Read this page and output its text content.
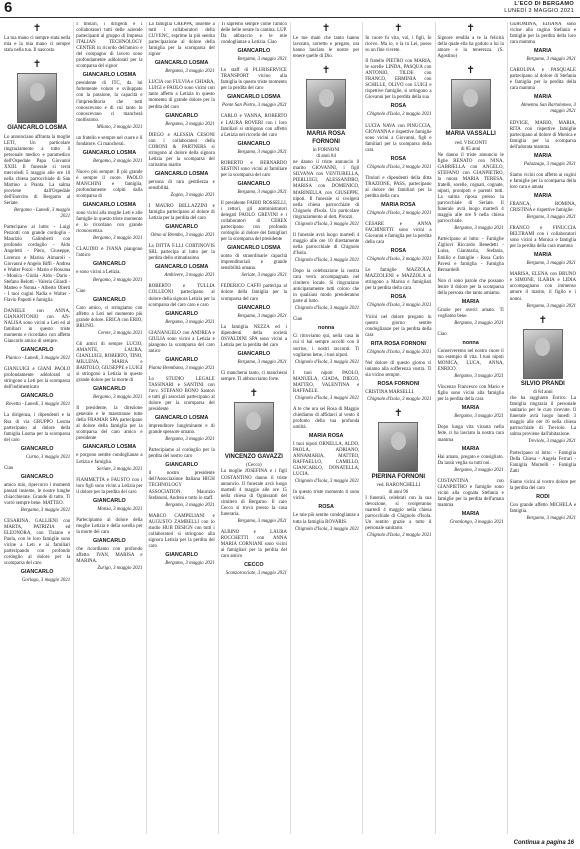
6	L'ECO DI BERGAMO
LUNEDÌ 3 MAGGIO 2021
✝

La tua mano ci sempre stata nella mia e la mia mano ci sempre stata nella tua. Il nascosto

✝
GIANCARLO LOSMA

Lo annunciano affranta la moglie LETI, Un particolare ringraziamento a tutto il personale medico e paramedico dell'Ospedale Papa Giovanni XXIII. Il funerale si terrà mercoledì 5 maggio alle ore 10 nella chiesa parrocchiale di San Martino a Pianta. La salma proviene dall'Ospedale dell'Esercito di Bergamo al Seriate.

Bergamo - Lunedì, 3 maggio 2021

Partecipano al lutto: - Luigi Pezzotti con grande cordoglio - Maurizio Galimberti con profondo cordoglio - Aldo Angeletti - Piero, Giuseppe, Lorenzo e Marisa Aimaroli - Giovanni e Angelo Biffi - Andrea e Walter Pozzi - Mario e Rossana - Monica - Giulia - Aldo - Dario - Stefano Belotti - Valeria Gilardi - Matteo e Nonna - Alberto Oberti - I tuoi cugini Nadia e Walter - Flavio Papotti e famiglia

DANIELE con ANNA, GIANANTONIO con AN-NALISA sono vicini a Leti ed ai familiari in questo triste momento e ricordano con affetto Giancarlo amico di sempre.

GIANCARLO
Pianico - Lunedì, 3 maggio 2021

GIANLUIGI e GIANI PAOLO profondamente addolorati si stringono a Leti per la scomparsa dell'indimenticato

GIANCARLO
Rovetta - Lunedì, 3 maggio 2021

La dirigenza, i dipendenti e la Rsa di via GRUPPO Losma partecipano al dolore della famiglia Losma per la scomparsa del caro

GIANCARLO
Curno, 3 maggio 2021

Ciao

GIANCARLO

amico mio, ripercorro i momenti passati insieme, le nostre lunghe chiacchierate. Grande di tutto. Ti vorrò sempre bene. MATTEO.

Bergamo, 3 maggio 2021

CESARINA, GALLIENI con MARTA, PATRIZIA ed ELEONORA, con Tiziano e Paola, con le loro famiglie sono vicine a Leti e ai familiari partecipando con profondo cordoglio al dolore per la scomparsa del caro

GIANCARLO
Gorlago, 3 maggio 2021

I titolari, i dirigenti e i collaboratori tutti delle aziende partecipanti al gruppo di Impresa ITALIAN TECHNOLOGY CENTER in ricordo dell'amico e del compagno di lavoro sono profondamente addolorati per la scomparsa del signor

GIANCARLO LOSMA

presidente di ITC, da lui fortemente voluto e sviluppato con la passione, la capacità e l'imprenditoria che tutti conoscevano e di cui tanto lo conoscevano ci mancherà moltissimo.

Milano, 3 maggio 2021

un fratello e sempre nel cuore e il fondatore. Ci mancherai.

GIANCARLO LOSMA
Bergamo, 3 maggio 2021

Nuovo più sempre: Il più grande è sempre il cuore. PAOLO MANCHINI e famiglia, profondamente colpiti dalla scomparsa di

GIANCARLO LOSMA

sono vicini alla moglie Leti e alle famiglie in questo triste momento e lo ricordano con grande riconoscenza.

Bergamo, 3 maggio 2021

CLAUDIO e IVANA piangono l'amico

GIANCARLO

e sono vicini a Letizia.

Bergamo, 3 maggio 2021

Ciao

GIANCARLO

Caro amico, ci stringiamo con affetto a Leti nel momento più grande dolore. ERICA con ERIO, BRUNO.

Cerete, 3 maggio 2021

Gli amici di sempre LUCIO, AMANTE, LAURA, GIANLUIGI, ROBERTO, TINO, MILLENA, MARIA e BARTOLO, GIUSEPPE e LUIGI si stringono a Letizia in questo grande dolore per la morte di

GIANCARLO
Bergamo, 3 maggio 2021

Il presidente, la direzione generale e le maestranze tutte della FRAMAR SPA partecipano al dolore della famiglia per la scomparsa del caro amico e presidente

GIANCARLO LOSMA

e porgono sentite condoglianze a Letizia e famiglia.

Seriate, 3 maggio 2021

FIAMMETTA e FAUSTO con i loro figli sono vicini a Letizia per il dolore per la perdita del caro

GIANCARLO
Monza, 3 maggio 2021

Partecipiamo al dolore della moglie Letizia e della sorella per la morte del caro

GIANCARLO

che ricordiamo con profondo affetto. IVAN, MARISA e MARINA.

Zurigo, 3 maggio 2021

La famiglia CREPPA, insieme a tutti i collaboratori della CUVENC, esprime la più sentita partecipazione al dolore della famiglia per la scomparsa del signor

GIANCARLO LOSMA
Bergamo, 3 maggio 2021

LUCIA con FULVIA e CHIARA, LUIGI e PAOLO sono vicini con tanto affetto a Letizia in questo momento di grande dolore per la perdita del caro

GIANCARLO
Bergamo, 3 maggio 2021

DIEGO e ALESSIA CESONI con i collaboratori della CORONI & PARTNERS si stringono al dolore della signora Letizia per la scomparsa del carissimo marito

GIANCARLO LOSMA

persona di rara gentilezza e sensibilità.

Zogno, 3 maggio 2021

I MAURO BELLAZZINI e famiglia partecipano al dolore di Letizia per la perdita del caro

GIANCARLO
Olmo al Brembo, 3 maggio 2021

La DITTA F.LLI CORTINOVIS SRL partecipa al lutto per la perdita dello stimatissimo

GIANCARLO LOSMA
Ambivere, 3 maggio 2021

ROBERTO e TULLIA COLLEONI partecipano al dolore della signora Letizia per la scomparsa del caro caro e caro

GIANCARLO
Bergamo, 3 maggio 2021

GIANANGELO con ANDREA e GIULIA sono vicini a Letizia e piangono la scomparsa del caro amico

GIANCARLO
Pianta Brembana, 3 maggio 2021

Lo STUDIO LEGALE TASSINARI e SANTINI con l'avv. STEFANO BONO Santori e tutti gli associati partecipano al dolore per la scomparsa del presidente

GIANCARLO LOSMA

imprenditore lungimirante e di grande spessore umano.

Bergamo, 3 maggio 2021

Partecipiamo al cordoglio per la perdita del nostro caro

GIANCARLO

il nostro presidente dell'Associazione Italiana HIGH TECHNOLOGY ASSOCIATION. Maurizio Stefanoni, Andrea e tutto lo staff.

Bergamo, 3 maggio 2021

MARCO CAMPELIANI e AUGUSTO ZAMBELLI con lo studio HUB DESIGN con tutti i collaboratori si stringono alla signora Letizia per la perdita del caro

GIANCARLO
Bergamo, 3 maggio 2021

Ti sapremo sempre come l'amico delle belle serate in cantina. LUP. Da abbraccio e le mie condoglianze a Letizia. Ciao

GIANCARLO
Bergamo, 3 maggio 2021

Lo staff di PLURISERVICE TRANSPORT vicino alla famiglia in questo triste momento per la perdita del caro

GIANCARLO LOSMA
Ponte San Pietro, 3 maggio 2021

CARLO e VANNA, ROBERTO e LAURA ROVERI con i loro familiari si stringono con affetto a Letizia nel ricordo del caro

GIANCARLO
Bergamo, 3 maggio 2021

ROBERTO e BERNARDO SESTINI sono vicini al familiare per la scomparsa del caro

GIANCARLO
Bergamo, 3 maggio 2021

Il presidente FABIO ROSSELLI, i rettori, gli amministratori delegati PAOLO GREVINI e i collaboratori di CEREX partecipano con profondo cordoglio al dolore dei famigliari per la scomparsa del presidente

GIANCARLO LOSMA

uomo di straordinarie capacità imprenditoriali e grande sensibilità umana.

Seriate, 3 maggio 2021

FEDERICO CAFFI partecipa al dolore della famiglia per la scomparsa del caro

GIANCARLO
Bergamo, 3 maggio 2021

La famiglia NEZZA ed i dipendenti della società OSVALDINI SPA sono vicini a Letizia per la perdita del caro

GIANCARLO
Bergamo, 3 maggio 2021

Ci mancherai tanto, ci mancherai sempre. Ti abbracciamo forte.

✝
VINCENZO GAVAZZI
(Cecco)

La moglie JOSEFINA e i figli COSTANTINO danno il triste annuncio. Il funerale avrà luogo martedì 4 maggio alle ore 15 nella chiesa di Ognissanti del cimitero di Bergamo. Il caro Cecco si trova presso la casa funeraria.

Bergamo, 3 maggio 2021

ALBINO e LAURA ROCCHETTI con ANNA MARIA CORNIANI sono vicini ai famigliari per la perdita del caro amico

CECCO
Scanzorosciate, 3 maggio 2021
✝

Le tue mani che tanto hanno lavorato, sorretto e pregato, ora hanno lasciato le nostre per tenere quelle di Dio.

✝
MARIA ROSA FORNONI
in FORNONI
di anni 84

ne danno il triste annuncio il marito GIOVANNI, i figli SILVANA con VENTURELLA, PIERLUIGI, ALESSANDRO, MARISA con DOMENICO, MARINELLA con GIUSEPPE, nipoti. Il funerale si svolgerà nella chiesa parrocchiale di Chignolo d'Isola. Un particolare ringraziamento al dott. Pirozzi.

Chignolo d'Isola, 3 maggio 2021

Il funerale avrà luogo martedì 4 maggio alle ore 10 direttamente nella parrocchiale di Chignolo d'Isola.

Chignolo d'Isola, 3 maggio 2021

Dopo la celebrazione la nostra cara verrà accompagnata nel cimitero locale. Si ringraziano anticipatamente tutti coloro che in qualsiasi modo prenderanno parte al lutto.

Chignolo d'Isola, 3 maggio 2021

Ciao

nonna

Ci ritroviamo qui, nella casa in cui ti hai sempre accolti con il sorriso, i nostri racconti. Ti vogliamo bene, i tuoi nipoti.

Chignolo d'Isola, 3 maggio 2021

I tuoi nipoti PAOLO, MANUELA, GIADA, DIEGO, MATTEO, VALENTINA e RAFFAELE.

Chignolo d'Isola, 3 maggio 2021

A te che ora sei Rosa di Maggio chiediamo di affidarci al vento il profumo della tua profonda umiltà.

MARIA ROSA

I tuoi nipoti ORNELLA, ALDO, PAOLA, ADRIANO, ANNAMARIA, MATTEO, RAFFAELLO, CAMILLO, GIANCARLO, DONATELLA, LUCIA.

Chignolo d'Isola, 3 maggio 2021

In questo triste momento ti sono vicini.

ROSA

Le mie più sentite condoglianze a tutta la famiglia ROVARIS.

Chignolo d'Isola, 3 maggio 2021
✝

In cuore fu vita, voi, i figli, Io ricevo. Ma io, o la tu Lei, posso su un fine vivrete.

Il fratello PIETRO con MARIA, le sorelle LINDA, PASQUA con ANTONIO, TILDE con FRANCO, ERMINIA con SCHILLE, OLIVO con LUIGI e rispettive famiglie, si stringono a Giovanni per la perdita della sua

ROSA
Chignolo d'Isola, 3 maggio 2021

LUCIA NAVA con PINUCCIA, GIOVANNA e rispettive famiglie sono vicini a Giovanni, figli e familiari per la scomparsa della cara

ROSA
Chignolo d'Isola, 3 maggio 2021

Titolari e dipendenti della ditta TRAZIONE, PASS, partecipano al dolore dei familiari per la perdita della cara

MARIA ROSA
Chignolo d'Isola, 3 maggio 2021

CESARE e ANNA FACHINETTI sono vicini a Giovanni e famiglia per la perdita della cara

ROSA
Chignolo d'Isola, 3 maggio 2021

Le famiglie MAZZOLA, MAZZOLENI e MAZZOLA si stringono a Marisa e famigliari per la perdita della cara

ROSA
Chignolo d'Isola, 3 maggio 2021

Vicini nel dolore pregano in questo giorno sentite condoglianze per la perdita della cara

RITA ROSA FORNONI
Chignolo d'Isola, 3 maggio 2021

Nel dolore di questo giorno ci uniamo alla sofferenza vostra. Ti sia vicino sempre.

ROSA FORNONI

CRISTINA MARSELLI.

Chignolo d'Isola, 3 maggio 2021
✝
PIERINA FORNONI
ved. BARONCHELLI
di anni 96

I funerali, celebrati con la sua devozione, si svolgeranno martedì 4 maggio nella chiesa parrocchiale di Chignolo d'Isola. Un sentito grazie a tutto il personale sanitario.

Chignolo d'Isola, 3 maggio 2021
✝

Signore rendila a te la felicità della quale ella ha goduto a lui la amore e la tenerezza. (S. Agostino)

✝
MARIA VASSALLI
ved. VISCONTI
di 85 anni

Ne danno il triste annuncio le figlie RENATO con NINA, GABRIELLA con ANGELO, STEFANO con GIANPIETRO, la nuora MARIA TERESA, fratelli, sorelle, cognati, cognate, nipoti, pronipoti e parenti tutti. La salma riposa presso la parrocchiale di Seriate. Il funerale avrà luogo martedì 4 maggio alle ore 9 nella chiesa parrocchiale.

Bergamo, 3 maggio 2021

Partecipano al lutto: - Famiglie Zigliovi Riccardo Benedetti - Luisa, Gianmaria, Stefania, Emilio e famiglie - Rosa Carlo Pavesi e famiglia - Famiglia Bernardelli

Non ci sono parole che possano lenire il dolore per la scomparsa della persona che tanto amiamo.

MARIA

Grazie per averci amato. Ti vogliamo bene.

Bergamo, 3 maggio 2021

Ciao

nonna

Conserveremo nel nostro cuore il tuo esempio di vita. I tuoi nipoti MONICA, LUCA, ANNA, ENRICO.

Bergamo, 3 maggio 2021

Vincenzo Francesco con Mario e figlio sono vicini alla famiglia per la perdita della cara

MARIA
Bergamo, 3 maggio 2021

Dopo lunga vita vissuta nella fede, ci ha lasciato la nostra cara mamma

MARIA

Hai amato, pregato e consigliato. Da lassù veglia su tutti noi.

Bergamo, 3 maggio 2021

COSTANTINA con GIANPIETRO e famiglie sono vicini alla cognata Stefania e famiglie per la perdita dell'amata mamma

MARIA
Gromlongo, 3 maggio 2021

GEROMINA, EDIANA sono vicine alla cugina Stefania e famiglie per la perdita della loro cara mamma

MARIA
Bergamo, 3 maggio 2021

CAROLINA e PASQUALE partecipano al dolore di Stefania e famiglia per la perdita della cara mamma

MARIA
Almenno San Bartolomeo, 3 maggio 2021

EDVIGE, MARIO, MARIA, RITA con rispettive famiglie partecipano al dolore di Monica e famiglia per la scomparsa dell'adorata mamma

MARIA
Palazzago, 3 maggio 2021

Siamo vicini con affetto ai cugini e famiglie per la scomparsa della loro cara e amata

MARIA

FRANCA, ROMINA, CRISTINA e rispettive famiglie.

Bergamo, 3 maggio 2021

FRANCO e FINUCCIA BELTRAMI con i collaboratori sono vicini a Monica e famiglia per la perdita della cara mamma

MARIA
Bergamo, 3 maggio 2021

MARISA, ELENA con BRUNO e SIMONE, ILARIA e LIDIA accompagnano con immenso amore il marito, il figlio e i nonni.

Bergamo, 3 maggio 2021
✝
SILVIO PRANDI
di 84 anni

che ha raggiunto Enrico. La famiglia ringrazia il personale sanitario per le cure ricevute. Il funerale avrà luogo lunedì 3 maggio alle ore 16 nella chiesa parrocchiale di Treviolo. La salma proviene dall'abitazione.

Treviolo, 3 maggio 2021

Partecipano al lutto: - Famiglia Della Chiesa - Angela Ferrari - Famiglia Mornelli - Famiglia Zatti

Siamo vicini al vostro dolore per la perdita del caro

RODI

Con grande affetto MICHELA e famiglia.

Bergamo, 3 maggio 2021
Continua a pagina 16
